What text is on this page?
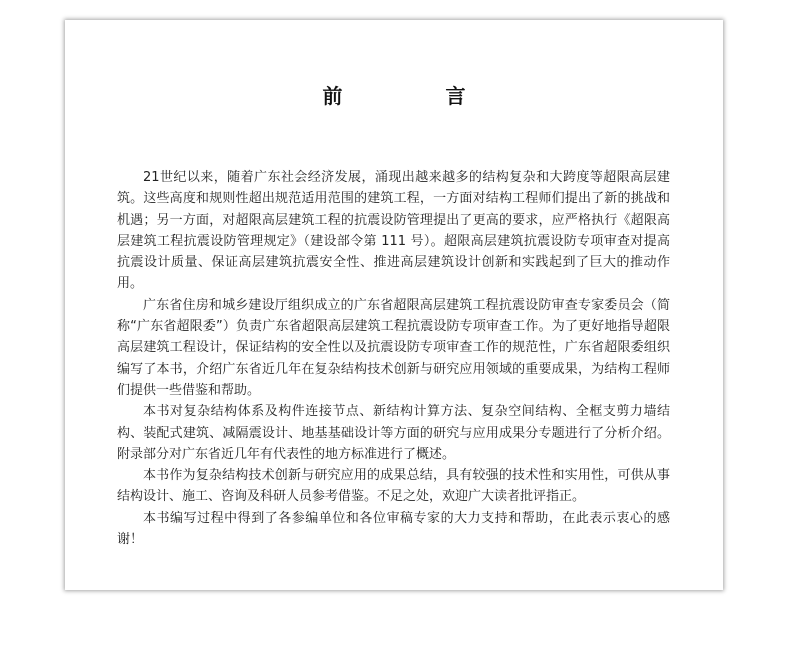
前 言

21世纪以来，随着广东社会经济发展，涌现出越来越多的结构复杂和大跨度等超限高层建筑。这些高度和规则性超出规范适用范围的建筑工程，一方面对结构工程师们提出了新的挑战和机遇；另一方面，对超限高层建筑工程的抗震设防管理提出了更高的要求，应严格执行《超限高层建筑工程抗震设防管理规定》（建设部令第 111 号）。超限高层建筑抗震设防专项审查对提高抗震设计质量、保证高层建筑抗震安全性、推进高层建筑设计创新和实践起到了巨大的推动作用。

广东省住房和城乡建设厅组织成立的广东省超限高层建筑工程抗震设防审查专家委员会（简称“广东省超限委”）负责广东省超限高层建筑工程抗震设防专项审查工作。为了更好地指导超限高层建筑工程设计，保证结构的安全性以及抗震设防专项审查工作的规范性，广东省超限委组织编写了本书，介绍广东省近几年在复杂结构技术创新与研究应用领域的重要成果，为结构工程师们提供一些借鉴和帮助。

本书对复杂结构体系及构件连接节点、新结构计算方法、复杂空间结构、全框支剪力墙结构、装配式建筑、减隔震设计、地基基础设计等方面的研究与应用成果分专题进行了分析介绍。附录部分对广东省近几年有代表性的地方标准进行了概述。

本书作为复杂结构技术创新与研究应用的成果总结，具有较强的技术性和实用性，可供从事结构设计、施工、咨询及科研人员参考借鉴。不足之处，欢迎广大读者批评指正。

本书编写过程中得到了各参编单位和各位审稿专家的大力支持和帮助，在此表示衷心的感谢！
